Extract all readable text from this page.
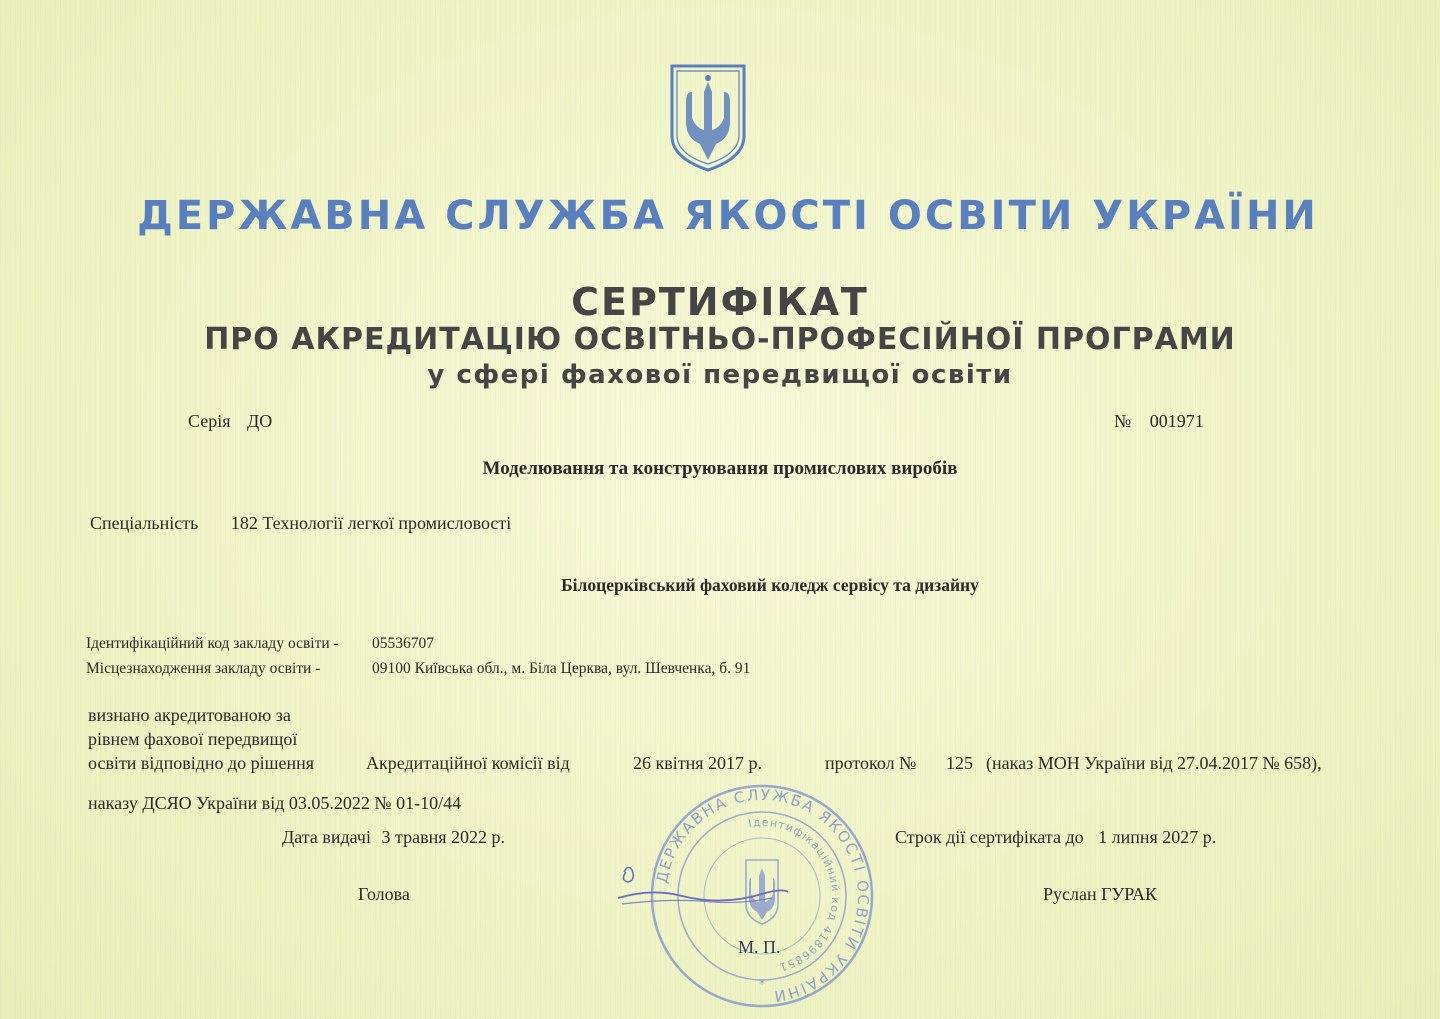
ДЕРЖАВНА СЛУЖБА ЯКОСТІ ОСВІТИ УКРАЇНИ
СЕРТИФІКАТ
ПРО АКРЕДИТАЦІЮ ОСВІТНЬО-ПРОФЕСІЙНОЇ ПРОГРАМИ
у сфері фахової передвищої освіти
Серія ДО	№ 001971
Моделювання та конструювання промислових виробів
Спеціальність 182 Технології легкої промисловості
Білоцерківський фаховий коледж сервісу та дизайну
Ідентифікаційний код закладу освіти - 05536707
Місцезнаходження закладу освіти -	09100 Київська обл., м. Біла Церква, вул. Шевченка, б. 91
визнано акредитованою за
рівнем фахової передвищої
освіти відповідно до рішення	Акредитаційної комісії від	26 квітня 2017 р.	протокол № 125 (наказ МОН України від 27.04.2017 № 658),
наказу ДСЯО України від 03.05.2022 № 01-10/44
Дата видачі 3 травня 2022 р.	Строк дії сертифіката до 1 липня 2027 р.
Голова	Руслан ГУРАК
ДЕРЖАВНА СЛУЖБА ЯКОСТІ ОСВІТИ УКРАЇНИ
Ідентифікаційний код 41896851
*
М. П.
